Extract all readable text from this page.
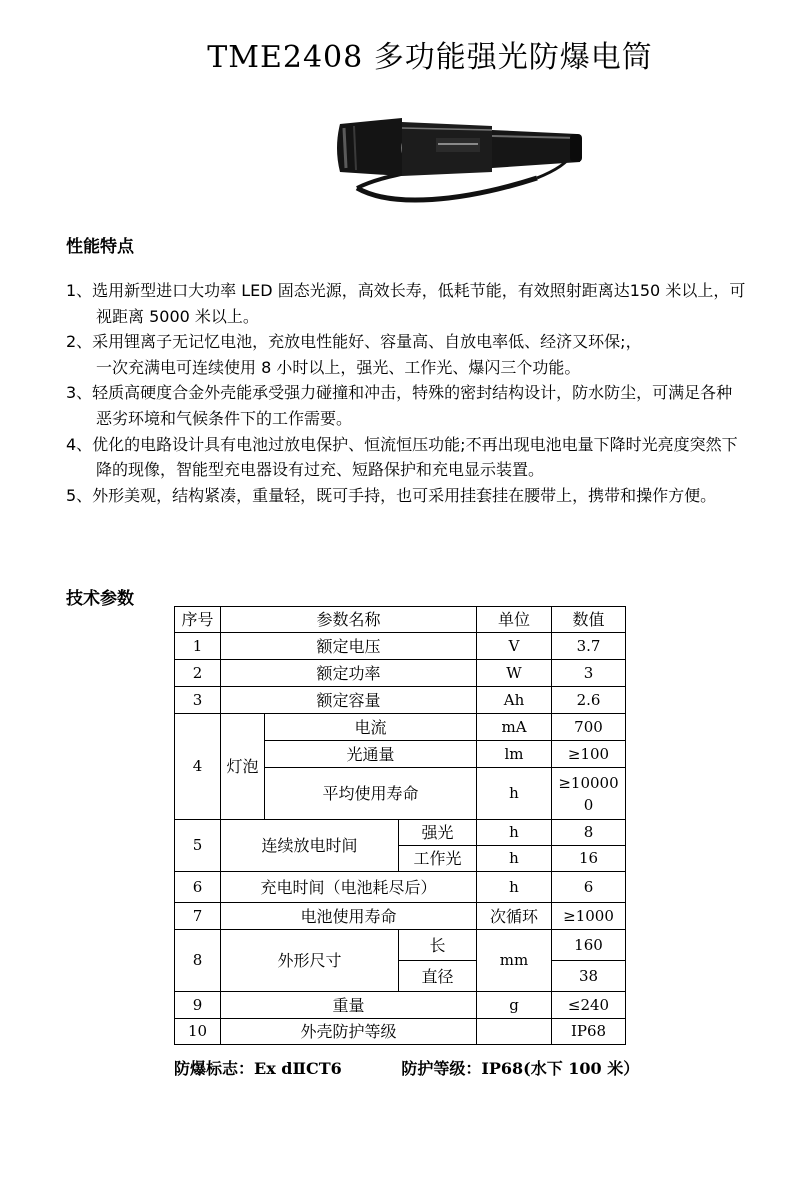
TME2408 多功能强光防爆电筒
性能特点

1、选用新型进口大功率 LED 固态光源，高效长寿，低耗节能，有效照射距离达150 米以上，可视距离 5000 米以上。

2、采用锂离子无记忆电池，充放电性能好、容量高、自放电率低、经济又环保;，

一次充满电可连续使用 8 小时以上，强光、工作光、爆闪三个功能。

3、轻质高硬度合金外壳能承受强力碰撞和冲击，特殊的密封结构设计，防水防尘，可满足各种恶劣环境和气候条件下的工作需要。

4、优化的电路设计具有电池过放电保护、恒流恒压功能;不再出现电池电量下降时光亮度突然下降的现像，智能型充电器设有过充、短路保护和充电显示装置。

5、外形美观，结构紧凑，重量轻，既可手持，也可采用挂套挂在腰带上，携带和操作方便。

技术参数
序号	参数名称			单位	数值
1	额定电压			V	3.7
2	额定功率			W	3
3	额定容量			Ah	2.6
4	灯泡	电流		mA	700
		光通量		lm	≥100
		平均使用寿命		h	≥100000
5	连续放电时间		强光	h	8
			工作光	h	16
6	充电时间（电池耗尽后）			h	6
7	电池使用寿命			次循环	≥1000
8	外形尺寸		长	mm	160
			直径		38
9	重量			g	≤240
10	外壳防护等级				IP68
防爆标志：Ex dⅡCT6	防护等级：IP68(水下 100 米）
